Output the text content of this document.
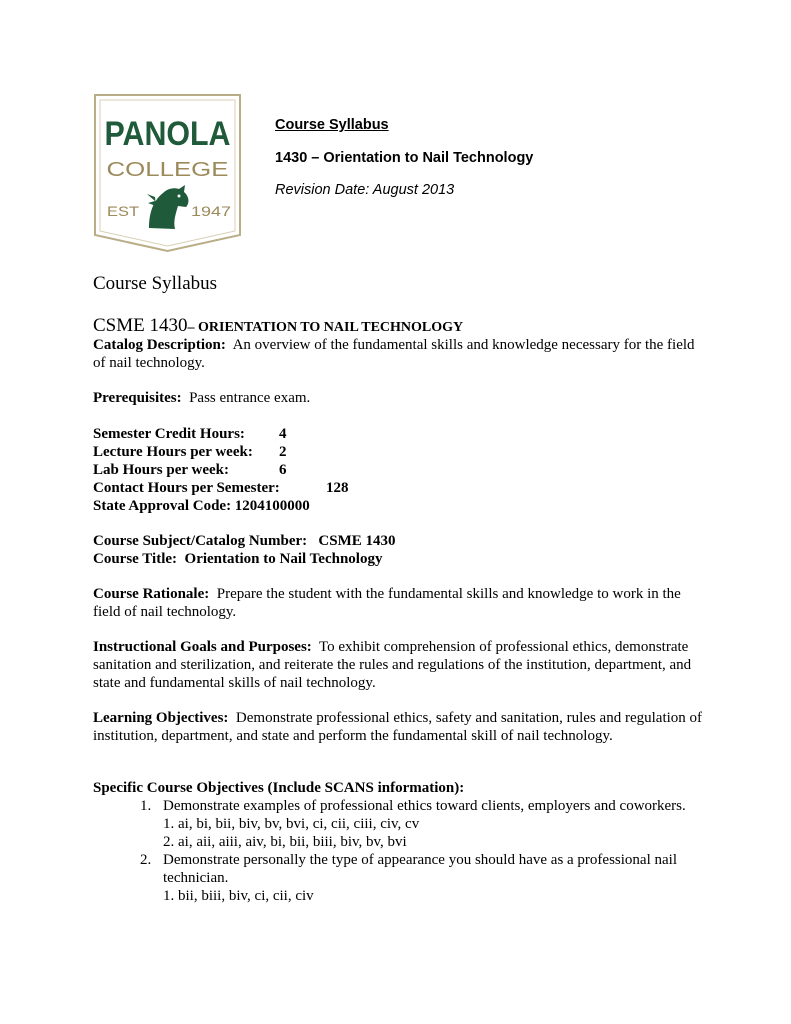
PANOLA
COLLEGE
EST	1947
Course Syllabus
1430 – Orientation to Nail Technology
Revision Date: August 2013
Course Syllabus
CSME 1430– ORIENTATION TO NAIL TECHNOLOGY
Catalog Description: An overview of the fundamental skills and knowledge necessary for the field of nail technology.
Prerequisites: Pass entrance exam.
Semester Credit Hours: 4
Lecture Hours per week: 2
Lab Hours per week:	6
Contact Hours per Semester:	128
State Approval Code: 1204100000
Course Subject/Catalog Number:   CSME 1430
Course Title:  Orientation to Nail Technology
Course Rationale: Prepare the student with the fundamental skills and knowledge to work in the field of nail technology.
Instructional Goals and Purposes: To exhibit comprehension of professional ethics, demonstrate sanitation and sterilization, and reiterate the rules and regulations of the institution, department, and state and fundamental skills of nail technology.
Learning Objectives: Demonstrate professional ethics, safety and sanitation, rules and regulation of institution, department, and state and perform the fundamental skill of nail technology.
Specific Course Objectives (Include SCANS information):
1. Demonstrate examples of professional ethics toward clients, employers and coworkers.
1. ai, bi, bii, biv, bv, bvi, ci, cii, ciii, civ, cv
2. ai, aii, aiii, aiv, bi, bii, biii, biv, bv, bvi
2. Demonstrate personally the type of appearance you should have as a professional nail technician.
1. bii, biii, biv, ci, cii, civ
